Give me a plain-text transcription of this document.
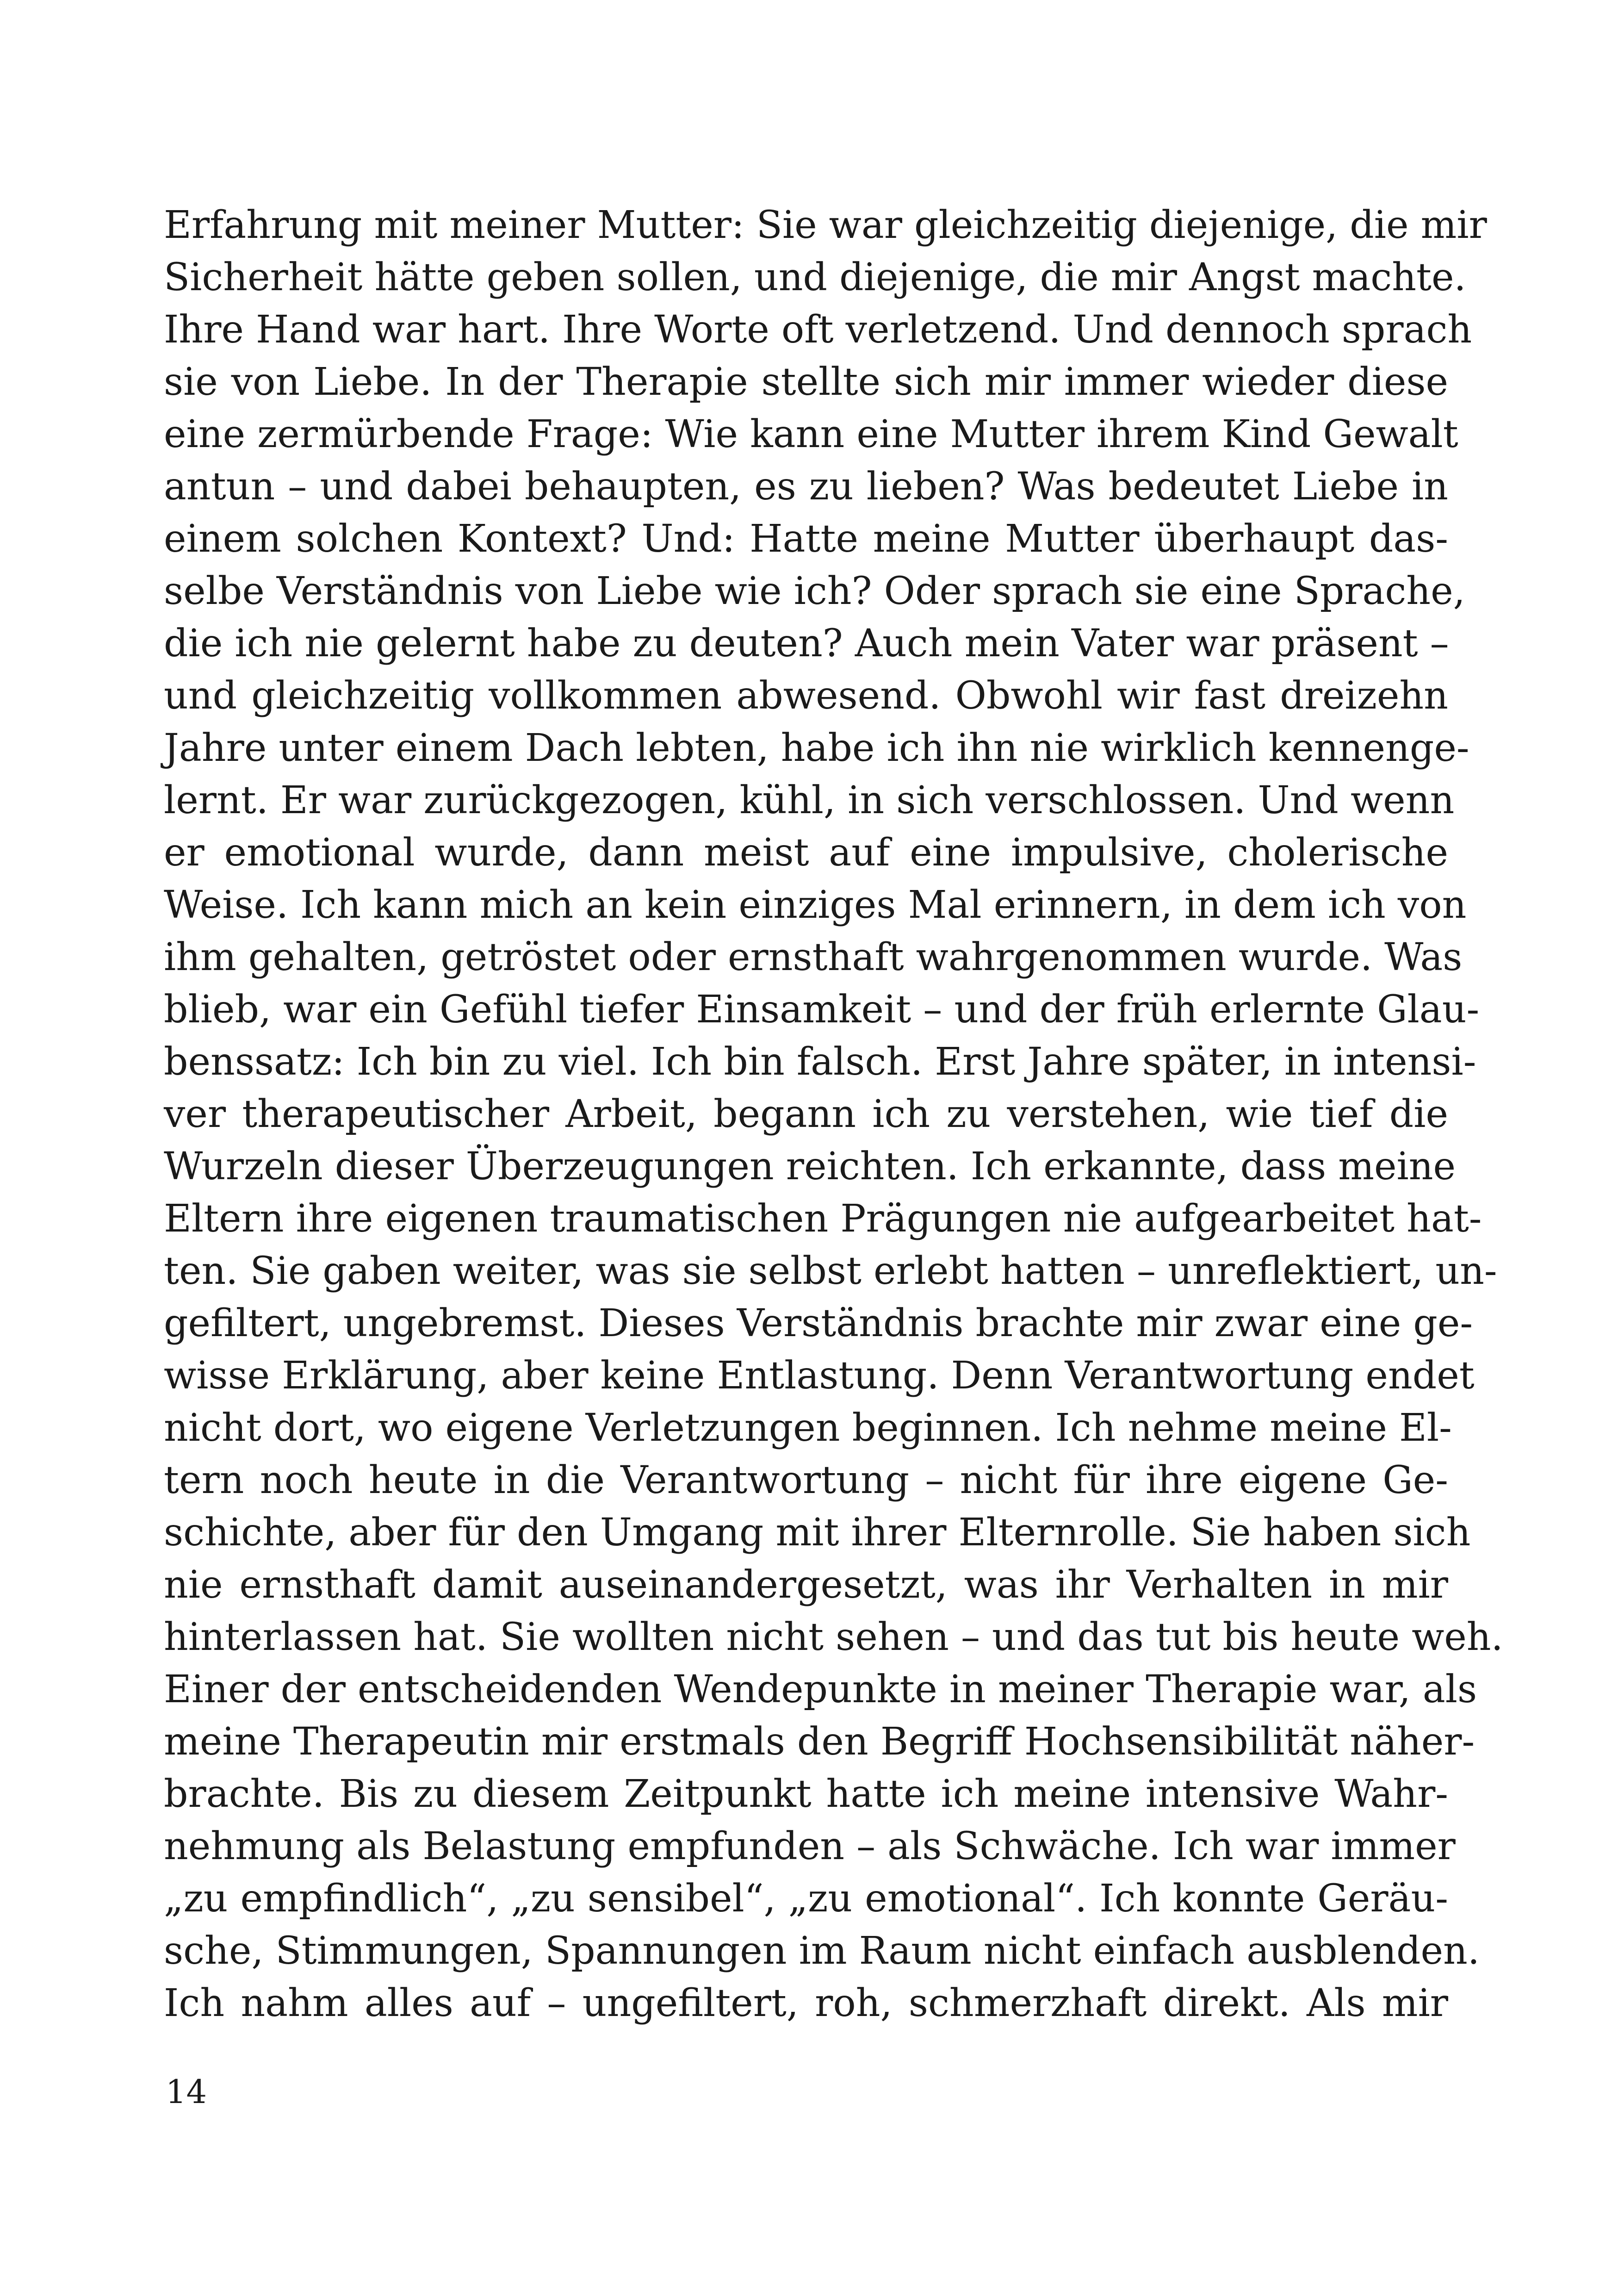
Erfahrung mit meiner Mutter: Sie war gleichzeitig diejenige, die mir
Sicherheit hätte geben sollen, und diejenige, die mir Angst machte.
Ihre Hand war hart. Ihre Worte oft verletzend. Und dennoch sprach
sie von Liebe. In der Therapie stellte sich mir immer wieder diese
eine zermürbende Frage: Wie kann eine Mutter ihrem Kind Gewalt
antun – und dabei behaupten, es zu lieben? Was bedeutet Liebe in
einem solchen Kontext? Und: Hatte meine Mutter überhaupt das-
selbe Verständnis von Liebe wie ich? Oder sprach sie eine Sprache,
die ich nie gelernt habe zu deuten? Auch mein Vater war präsent –
und gleichzeitig vollkommen abwesend. Obwohl wir fast dreizehn
Jahre unter einem Dach lebten, habe ich ihn nie wirklich kennenge-
lernt. Er war zurückgezogen, kühl, in sich verschlossen. Und wenn
er emotional wurde, dann meist auf eine impulsive, cholerische
Weise. Ich kann mich an kein einziges Mal erinnern, in dem ich von
ihm gehalten, getröstet oder ernsthaft wahrgenommen wurde. Was
blieb, war ein Gefühl tiefer Einsamkeit – und der früh erlernte Glau-
benssatz: Ich bin zu viel. Ich bin falsch. Erst Jahre später, in intensi-
ver therapeutischer Arbeit, begann ich zu verstehen, wie tief die
Wurzeln dieser Überzeugungen reichten. Ich erkannte, dass meine
Eltern ihre eigenen traumatischen Prägungen nie aufgearbeitet hat-
ten. Sie gaben weiter, was sie selbst erlebt hatten – unreflektiert, un-
gefiltert, ungebremst. Dieses Verständnis brachte mir zwar eine ge-
wisse Erklärung, aber keine Entlastung. Denn Verantwortung endet
nicht dort, wo eigene Verletzungen beginnen. Ich nehme meine El-
tern noch heute in die Verantwortung – nicht für ihre eigene Ge-
schichte, aber für den Umgang mit ihrer Elternrolle. Sie haben sich
nie ernsthaft damit auseinandergesetzt, was ihr Verhalten in mir
hinterlassen hat. Sie wollten nicht sehen – und das tut bis heute weh.
Einer der entscheidenden Wendepunkte in meiner Therapie war, als
meine Therapeutin mir erstmals den Begriff Hochsensibilität näher-
brachte. Bis zu diesem Zeitpunkt hatte ich meine intensive Wahr-
nehmung als Belastung empfunden – als Schwäche. Ich war immer
„zu empfindlich“, „zu sensibel“, „zu emotional“. Ich konnte Geräu-
sche, Stimmungen, Spannungen im Raum nicht einfach ausblenden.
Ich nahm alles auf – ungefiltert, roh, schmerzhaft direkt. Als mir
14
